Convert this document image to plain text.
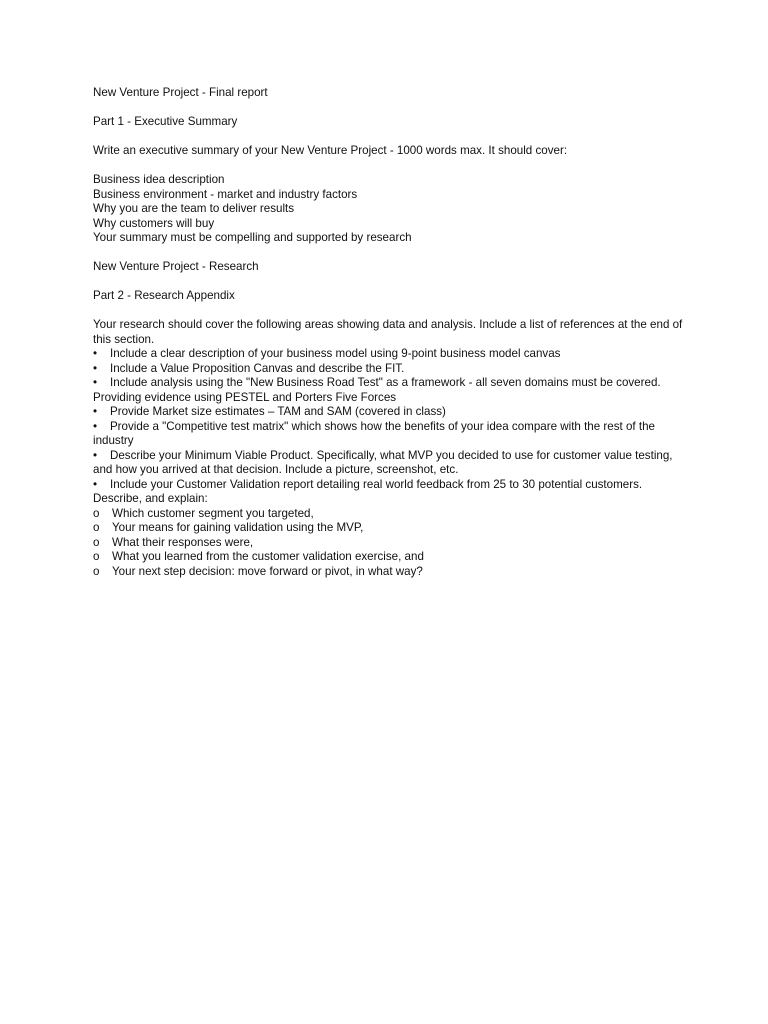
New Venture Project - Final report

Part 1 - Executive Summary

Write an executive summary of your New Venture Project - 1000 words max. It should cover:

Business idea description

Business environment - market and industry factors

Why you are the team to deliver results

Why customers will buy

Your summary must be compelling and supported by research

New Venture Project - Research

Part 2 - Research Appendix

Your research should cover the following areas showing data and analysis. Include a list of references at the end of this section.

•	Include a clear description of your business model using 9-point business model canvas
•	Include a Value Proposition Canvas and describe the FIT.
•	Include analysis using the "New Business Road Test" as a framework - all seven domains must be covered.

Providing evidence using PESTEL and Porters Five Forces

•	Provide Market size estimates – TAM and SAM (covered in class)

• Provide a "Competitive test matrix" which shows how the benefits of your idea compare with the rest of the industry

• Describe your Minimum Viable Product. Specifically, what MVP you decided to use for customer value testing, and how you arrived at that decision. Include a picture, screenshot, etc.

•	Include your Customer Validation report detailing real world feedback from 25 to 30 potential customers.

Describe, and explain:

o	Which customer segment you targeted,
o	Your means for gaining validation using the MVP,
o	What their responses were,
o	What you learned from the customer validation exercise, and
o	Your next step decision: move forward or pivot, in what way?
